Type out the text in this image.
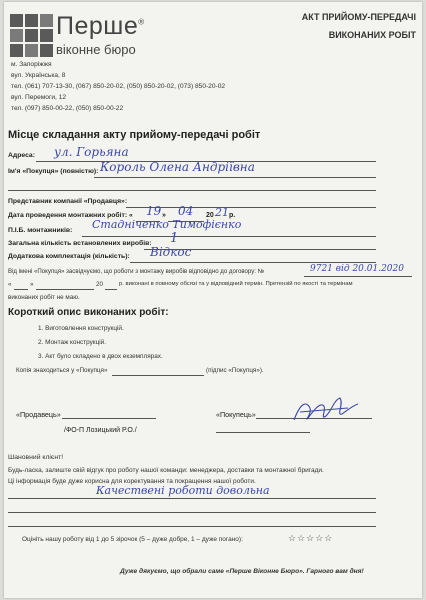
Перше®
віконне бюро
м. Запоріжжя
вул. Українська, 8
тел. (061) 707-13-30, (067) 850-20-02, (050) 850-20-02, (073) 850-20-02
вул. Перемоги, 12
тел. (097) 850-00-22, (050) 850-00-22
АКТ ПРИЙОМУ-ПЕРЕДАЧІ
ВИКОНАНИХ РОБІТ
Місце складання акту прийому-передачі робіт
Адреса: ул. Горьяна
Ім'я «Покупця» (повністю): Король Олена Андріївна
Представник компанії «Продавця»:
Дата проведення монтажних робіт: « 19 » 04 20 21 р.
П.І.Б. монтажників: Стадніченко Тимофієнко
Загальна кількість встановлених виробів: 1
Додаткова комплектація (кількість): Відкос
Від імені «Покупця» засвідчуємо, що роботи з монтажу виробів відповідно до договору: №	9721 від 20.01.2020
«	»	20	р. виконані в повному обсязі та у відповідний термін. Претензій по якості та термінам
виконаних робіт не маю.
Короткий опис виконаних робіт:
1. Виготовлення конструкцій.
2. Монтаж конструкцій.
3. Акт було складено в двох екземплярах.
Копія знаходиться у «Покупця»	(підпис «Покупця»).
«Продавець»
/ФО-П Лозицький Р.О./
«Покупець»
Шановний клієнт!
Будь-ласка, залиште свій відгук про роботу нашої команди: менеджера, доставки та монтажної бригади.
Ці інформація буде дуже корисна для коректування та покращення нашої роботи.
Качествені роботи довольна
Оцініть нашу роботу від 1 до 5 зірочок (5 – дуже добре, 1 – дуже погано):	☆☆☆☆☆
Дуже дякуємо, що обрали саме «Перше Віконне Бюро». Гарного вам дня!
